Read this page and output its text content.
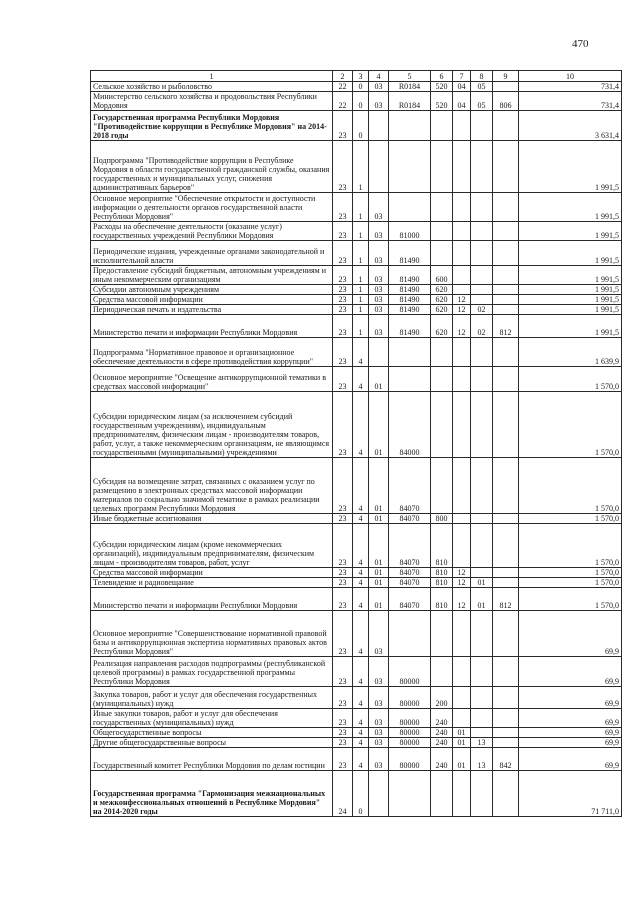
470
1	2	3	4	5	6	7	8	9	10
Сельское хозяйство и рыболовство	22	0	03	R0184	520	04	05		731,4
Министерство сельского хозяйства и продовольствия Республики Мордовия	22	0	03	R0184	520	04	05	806	731,4
Государственная программа Республики Мордовия "Противодействие коррупции в Республике Мордовия" на 2014-2018 годы	23	0							3 631,4
Подпрограмма "Противодействие коррупции в Республике Мордовия в области государственной гражданской службы, оказания государственных и муниципальных услуг, снижения административных барьеров"	23	1							1 991,5
Основное мероприятие "Обеспечение открытости и доступности информации о деятельности органов государственной власти Республики Мордовия"	23	1	03						1 991,5
Расходы на обеспечение деятельности (оказание услуг) государственных учреждений Республики Мордовия	23	1	03	81000					1 991,5
Периодические издания, учрежденные органами законодательной и исполнительной власти	23	1	03	81490					1 991,5
Предоставление субсидий бюджетным, автономным учреждениям и иным некоммерческим организациям	23	1	03	81490	600				1 991,5
Субсидии автономным учреждениям	23	1	03	81490	620				1 991,5
Средства массовой информации	23	1	03	81490	620	12			1 991,5
Периодическая печать и издательства	23	1	03	81490	620	12	02		1 991,5
Министерство печати и информации Республики Мордовия	23	1	03	81490	620	12	02	812	1 991,5
Подпрограмма "Нормативное правовое и организационное обеспечение деятельности в сфере противодействия коррупции"	23	4							1 639,9
Основное мероприятие "Освещение антикоррупционной тематики в средствах массовой информации"	23	4	01						1 570,0
Субсидии юридическим лицам (за исключением субсидий государственным учреждениям), индивидуальным предпринимателям, физическим лицам - производителям товаров, работ, услуг, а также некоммерческим организациям, не являющимся государственными (муниципальными) учреждениями	23	4	01	84000					1 570,0
Субсидия на возмещение затрат, связанных с оказанием услуг по размещению в электронных средствах массовой информации материалов по социально значимой тематике в рамках реализации целевых программ Республики Мордовия	23	4	01	84070					1 570,0
Иные бюджетные ассигнования	23	4	01	84070	800				1 570,0
Субсидии юридическим лицам (кроме некоммерческих организаций), индивидуальным предпринимателям, физическим лицам - производителям товаров, работ, услуг	23	4	01	84070	810				1 570,0
Средства массовой информации	23	4	01	84070	810	12			1 570,0
Телевидение и радиовещание	23	4	01	84070	810	12	01		1 570,0
Министерство печати и информации Республики Мордовия	23	4	01	84070	810	12	01	812	1 570,0
Основное мероприятие "Совершенствование нормативной правовой базы и антикоррупционная экспертиза нормативных правовых актов Республики Мордовия"	23	4	03						69,9
Реализация направления расходов подпрограммы (республиканской целевой программы) в рамках государственной программы Республики Мордовия	23	4	03	80000					69,9
Закупка товаров, работ и услуг для обеспечения государственных (муниципальных) нужд	23	4	03	80000	200				69,9
Иные закупки товаров, работ и услуг для обеспечения государственных (муниципальных) нужд	23	4	03	80000	240				69,9
Общегосударственные вопросы	23	4	03	80000	240	01			69,9
Другие общегосударственные вопросы	23	4	03	80000	240	01	13		69,9
Государственный комитет Республики Мордовия по делам юстиции	23	4	03	80000	240	01	13	842	69,9
Государственная программа "Гармонизация межнациональных и межконфессиональных отношений в Республике Мордовия" на 2014-2020 годы	24	0							71 711,0
